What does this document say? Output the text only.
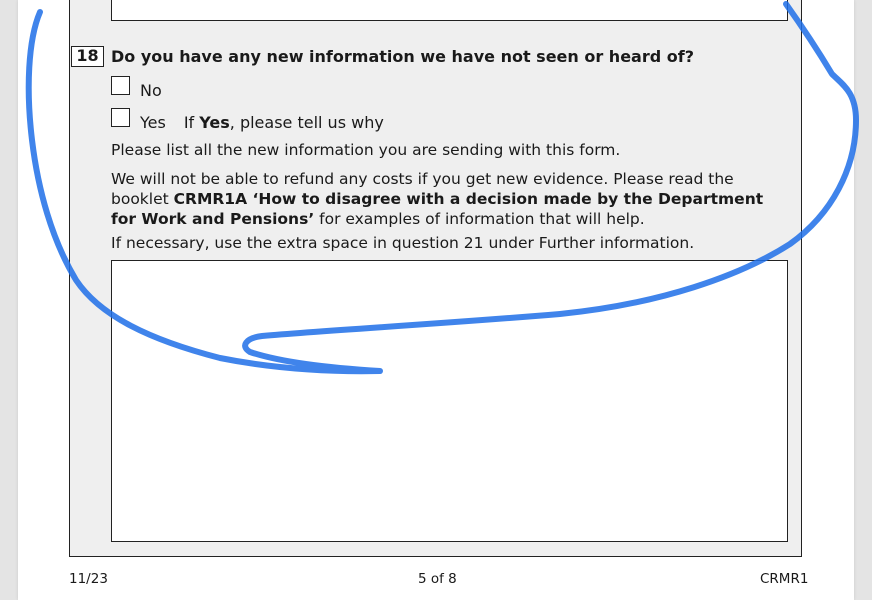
18 Do you have any new information we have not seen or heard of?
No
Yes If Yes, please tell us why
Please list all the new information you are sending with this form.
We will not be able to refund any costs if you get new evidence. Please read the booklet CRMR1A ‘How to disagree with a decision made by the Department for Work and Pensions’ for examples of information that will help.
If necessary, use the extra space in question 21 under Further information.
11/23	5 of 8	CRMR1
